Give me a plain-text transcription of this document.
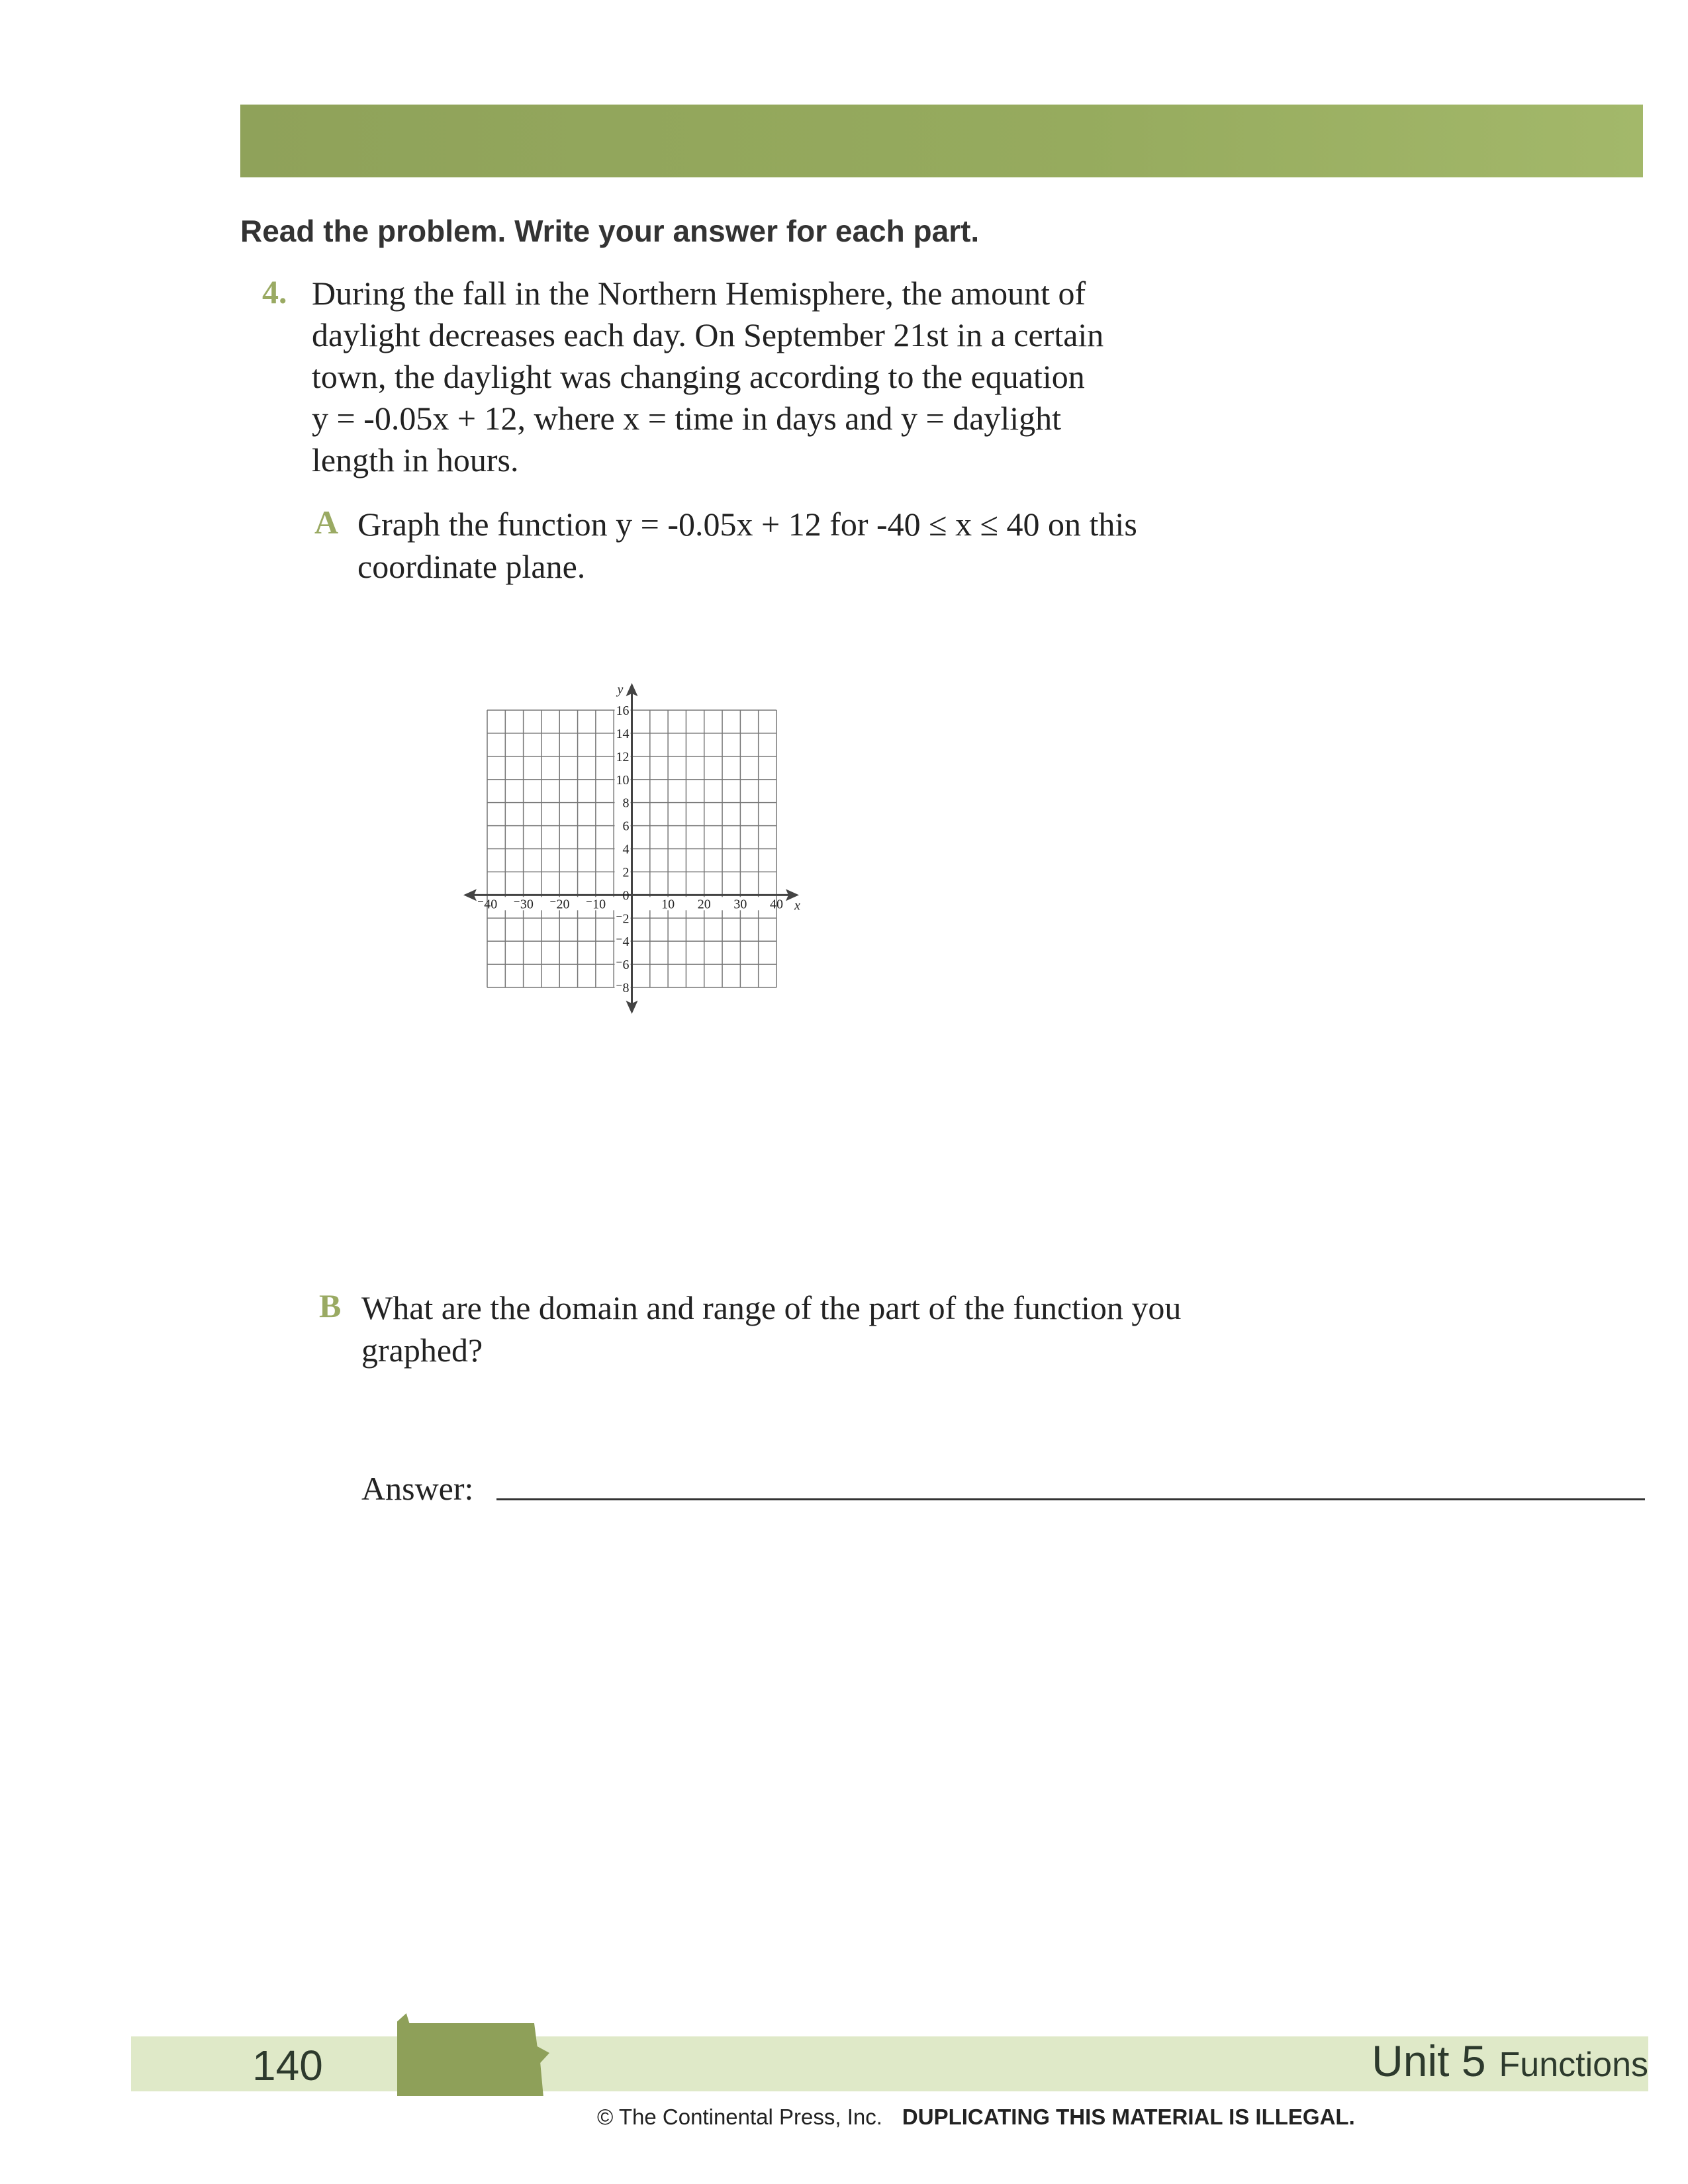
Read the problem. Write your answer for each part.
4. During the fall in the Northern Hemisphere, the amount of
daylight decreases each day. On September 21st in a certain
town, the daylight was changing according to the equation
y = -0.05x + 12, where x = time in days and y = daylight
length in hours.
A Graph the function y = -0.05x + 12 for -40 ≤ x ≤ 40 on this
coordinate plane.
⁻40 ⁻30 ⁻20 ⁻10	10 20 30 40
16
14
12
10
8
6
4
2
0
⁻2
⁻4
⁻6
⁻8
x
y
B What are the domain and range of the part of the function you
graphed?
Answer:
140	Unit 5 Functions
© The Continental Press, Inc. DUPLICATING THIS MATERIAL IS ILLEGAL.
